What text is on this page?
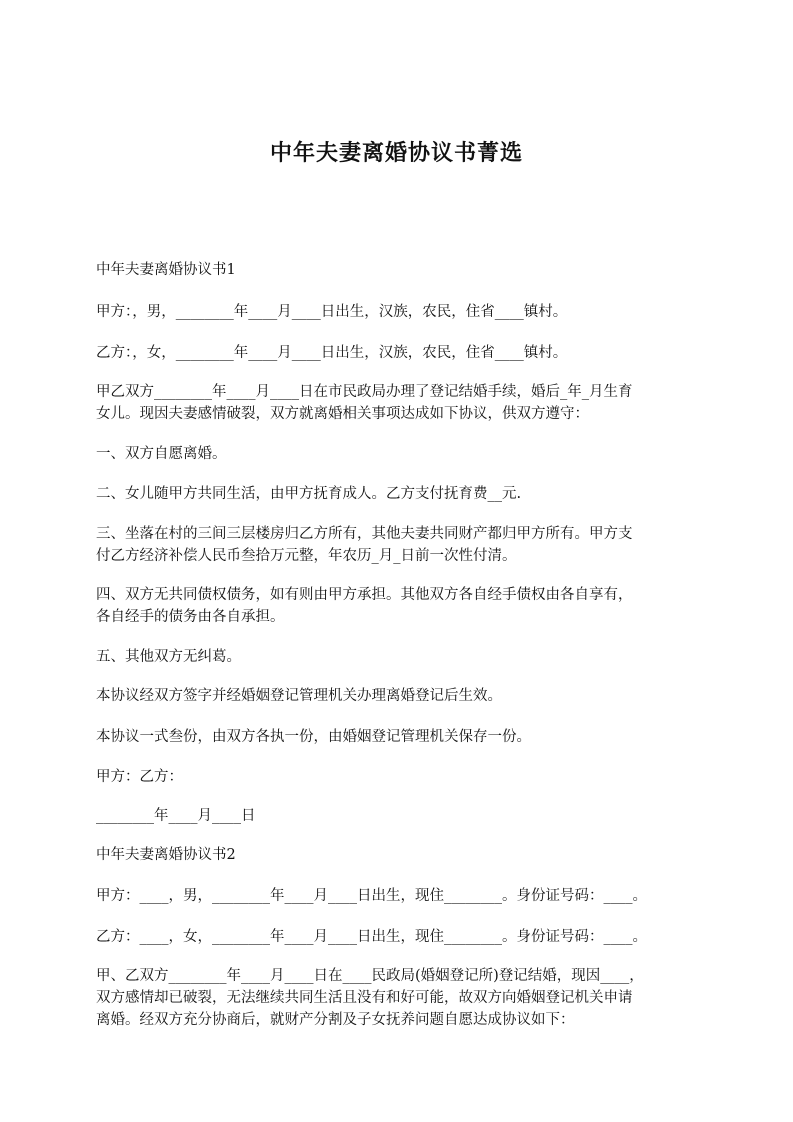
中年夫妻离婚协议书菁选
中年夫妻离婚协议书1
甲方：，男，________年____月____日出生，汉族，农民，住省____镇村。
乙方：，女，________年____月____日出生，汉族，农民，住省____镇村。
甲乙双方________年____月____日在市民政局办理了登记结婚手续，婚后_年_月生育
女儿。现因夫妻感情破裂，双方就离婚相关事项达成如下协议，供双方遵守：
一、双方自愿离婚。
二、女儿随甲方共同生活，由甲方抚育成人。乙方支付抚育费__元.
三、坐落在村的三间三层楼房归乙方所有，其他夫妻共同财产都归甲方所有。甲方支
付乙方经济补偿人民币叁拾万元整，年农历_月_日前一次性付清。
四、双方无共同债权债务，如有则由甲方承担。其他双方各自经手债权由各自享有，
各自经手的债务由各自承担。
五、其他双方无纠葛。
本协议经双方签字并经婚姻登记管理机关办理离婚登记后生效。
本协议一式叁份，由双方各执一份，由婚姻登记管理机关保存一份。
甲方：乙方：
________年____月____日
中年夫妻离婚协议书2
甲方：____，男，________年____月____日出生，现住________。身份证号码：____。
乙方：____，女，________年____月____日出生，现住________。身份证号码：____。
甲、乙双方________年____月____日在____民政局(婚姻登记所)登记结婚，现因____，
双方感情却已破裂，无法继续共同生活且没有和好可能，故双方向婚姻登记机关申请
离婚。经双方充分协商后，就财产分割及子女抚养问题自愿达成协议如下：
